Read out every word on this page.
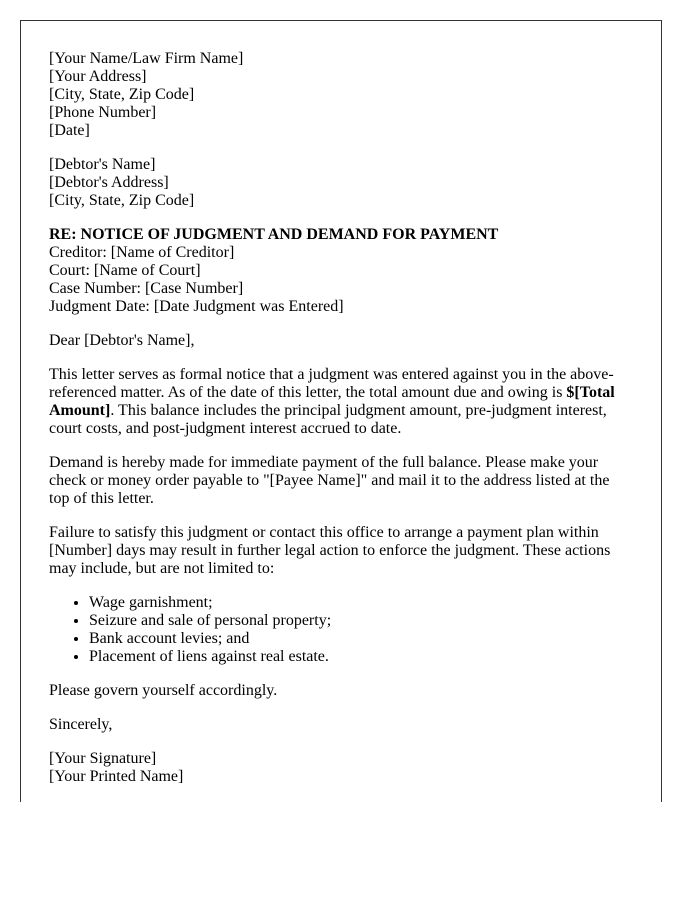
[Your Name/Law Firm Name]
[Your Address]
[City, State, Zip Code]
[Phone Number]
[Date]
[Debtor's Name]
[Debtor's Address]
[City, State, Zip Code]
RE: NOTICE OF JUDGMENT AND DEMAND FOR PAYMENT
Creditor: [Name of Creditor]
Court: [Name of Court]
Case Number: [Case Number]
Judgment Date: [Date Judgment was Entered]

Dear [Debtor's Name],

This letter serves as formal notice that a judgment was entered against you in the above-referenced matter. As of the date of this letter, the total amount due and owing is $[Total Amount]. This balance includes the principal judgment amount, pre-judgment interest, court costs, and post-judgment interest accrued to date.

Demand is hereby made for immediate payment of the full balance. Please make your check or money order payable to "[Payee Name]" and mail it to the address listed at the top of this letter.

Failure to satisfy this judgment or contact this office to arrange a payment plan within [Number] days may result in further legal action to enforce the judgment. These actions may include, but are not limited to:

• Wage garnishment;
• Seizure and sale of personal property;
• Bank account levies; and
• Placement of liens against real estate.

Please govern yourself accordingly.

Sincerely,

[Your Signature]
[Your Printed Name]
